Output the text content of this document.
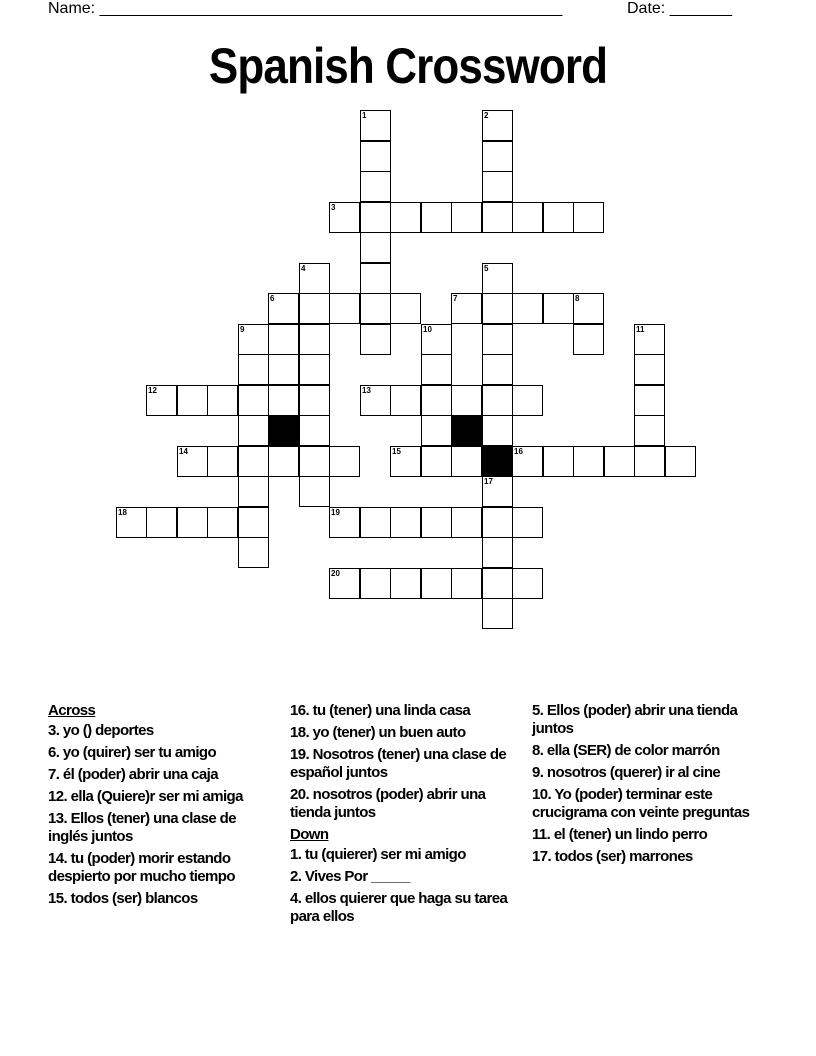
Name: ____________________________________________________	Date: _______
Spanish Crossword
1	2
3
4	5
6	7	8
9	10	11
12	13
14	15	16
17
18	19
20
Across
3. yo () deportes
6. yo (quirer) ser tu amigo
7. él (poder) abrir una caja
12. ella (Quiere)r ser mi amiga
13. Ellos (tener) una clase de inglés juntos
14. tu (poder) morir estando despierto por mucho tiempo
15. todos (ser) blancos
16. tu (tener) una linda casa
18. yo (tener) un buen auto
19. Nosotros (tener) una clase de español juntos
20. nosotros (poder) abrir una tienda juntos
Down
1. tu (quierer) ser mi amigo
2. Vives Por _____
4. ellos quierer que haga su tarea para ellos
5. Ellos (poder) abrir una tienda juntos
8. ella (SER) de color marrón
9. nosotros (querer) ir al cine
10. Yo (poder) terminar este crucigrama con veinte preguntas
11. el (tener) un lindo perro
17. todos (ser) marrones
